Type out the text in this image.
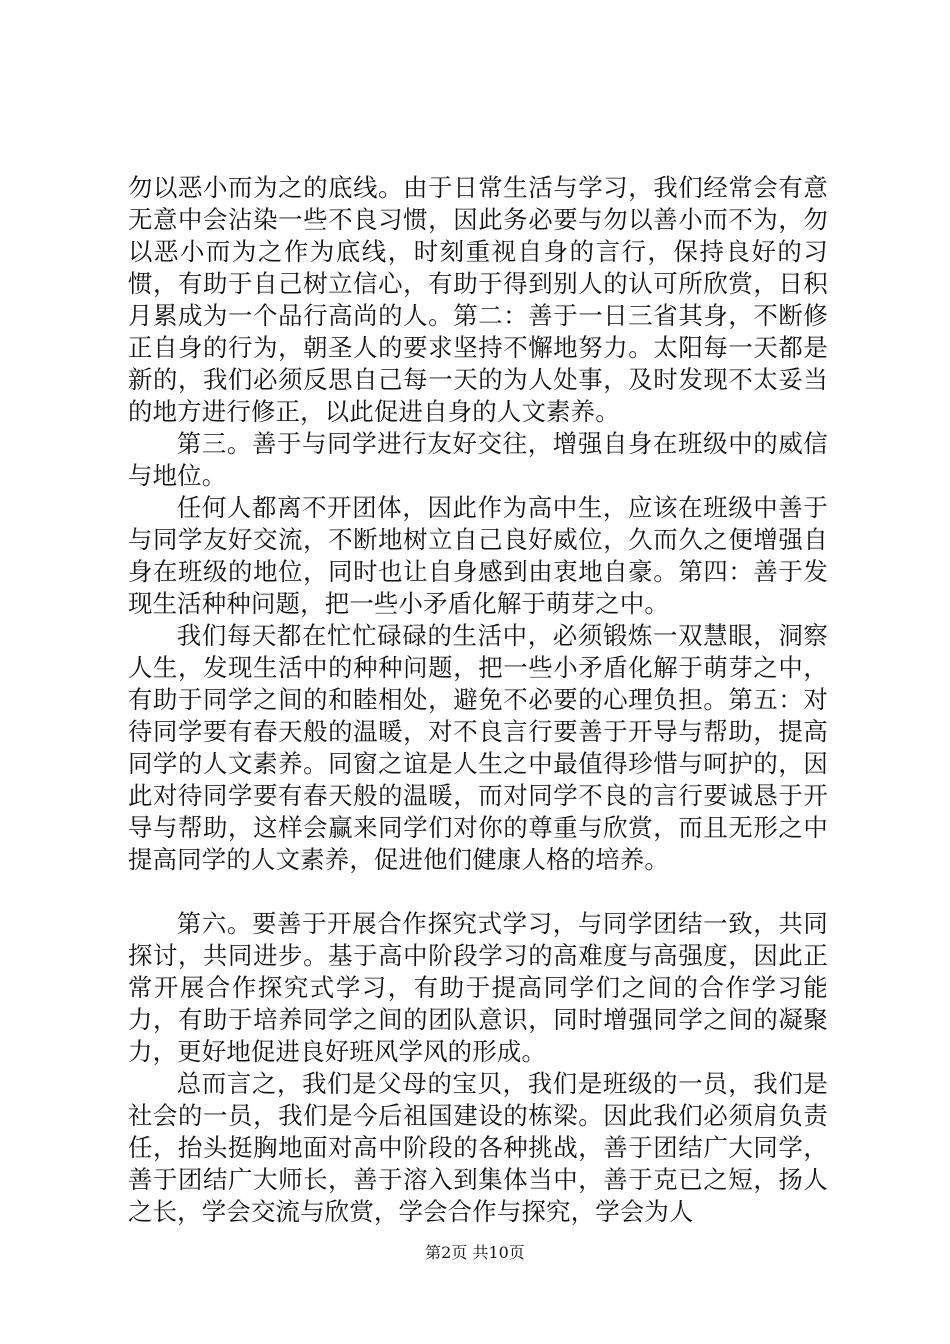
勿以恶小而为之的底线。由于日常生活与学习，我们经常会有意无意中会沾染一些不良习惯，因此务必要与勿以善小而不为，勿以恶小而为之作为底线，时刻重视自身的言行，保持良好的习惯，有助于自己树立信心，有助于得到别人的认可所欣赏，日积月累成为一个品行高尚的人。第二：善于一日三省其身，不断修正自身的行为，朝圣人的要求坚持不懈地努力。太阳每一天都是新的，我们必须反思自己每一天的为人处事，及时发现不太妥当的地方进行修正，以此促进自身的人文素养。

第三。善于与同学进行友好交往，增强自身在班级中的威信与地位。

任何人都离不开团体，因此作为高中生，应该在班级中善于与同学友好交流，不断地树立自己良好威位，久而久之便增强自身在班级的地位，同时也让自身感到由衷地自豪。第四：善于发现生活种种问题，把一些小矛盾化解于萌芽之中。

我们每天都在忙忙碌碌的生活中，必须锻炼一双慧眼，洞察人生，发现生活中的种种问题，把一些小矛盾化解于萌芽之中，有助于同学之间的和睦相处，避免不必要的心理负担。第五：对待同学要有春天般的温暖，对不良言行要善于开导与帮助，提高同学的人文素养。同窗之谊是人生之中最值得珍惜与呵护的，因此对待同学要有春天般的温暖，而对同学不良的言行要诚恳于开导与帮助，这样会赢来同学们对你的尊重与欣赏，而且无形之中提高同学的人文素养，促进他们健康人格的培养。

第六。要善于开展合作探究式学习，与同学团结一致，共同探讨，共同进步。基于高中阶段学习的高难度与高强度，因此正常开展合作探究式学习，有助于提高同学们之间的合作学习能力，有助于培养同学之间的团队意识，同时增强同学之间的凝聚力，更好地促进良好班风学风的形成。

总而言之，我们是父母的宝贝，我们是班级的一员，我们是社会的一员，我们是今后祖国建设的栋梁。因此我们必须肩负责任，抬头挺胸地面对高中阶段的各种挑战，善于团结广大同学，善于团结广大师长，善于溶入到集体当中，善于克已之短，扬人之长，学会交流与欣赏，学会合作与探究，学会为人

第2页 共10页
